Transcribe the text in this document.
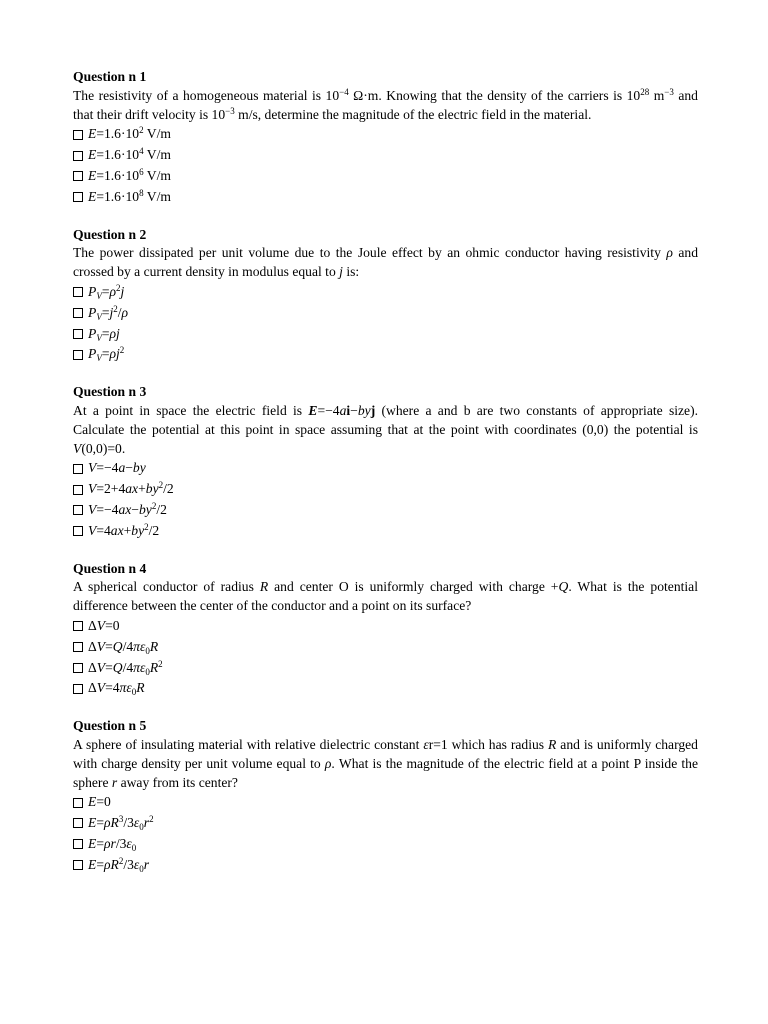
Question n 1

The resistivity of a homogeneous material is $10^{-4}$ Ω·m. Knowing that the density of the carriers is $10^{28}$ $m^{-3}$ and that their drift velocity is $10^{-3}$ m/s, determine the magnitude of the electric field in the material.

$E=1.6\cdot 10^2$ V/m
$E=1.6\cdot 10^4$ V/m
$E=1.6\cdot 10^6$ V/m
$E=1.6\cdot 10^8$ V/m

Question n 2

The power dissipated per unit volume due to the Joule effect by an ohmic conductor having resistivity ρ and crossed by a current density in modulus equal to j is:

$P_V=\rho^2j$
$P_V=j^2/\rho$
$P_V=\rho j$
$P_V=\rho j^2$

Question n 3

At a point in space the electric field is E=−4ai−byj (where a and b are two constants of appropriate size). Calculate the potential at this point in space assuming that at the point with coordinates (0,0) the potential is V(0,0)=0.

V=−4a−by
$V=2+4ax+by^2/2$
$V=-4ax-by^2/2$
$V=4ax+by^2/2$

Question n 4

A spherical conductor of radius R and center O is uniformly charged with charge +Q. What is the potential difference between the center of the conductor and a point on its surface?

ΔV=0
$\Delta V=Q/4\pi\varepsilon_0R$
$\Delta V=Q/4\pi\varepsilon_0R^2$
$\Delta V=4\pi\varepsilon_0R$

Question n 5

A sphere of insulating material with relative dielectric constant εr=1 which has radius R and is uniformly charged with charge density per unit volume equal to ρ. What is the magnitude of the electric field at a point P inside the sphere r away from its center?

E=0
$E=\rho R^3/3\varepsilon_0r^2$
$E=\rho r/3\varepsilon_0$
$E=\rho R^2/3\varepsilon_0r$
